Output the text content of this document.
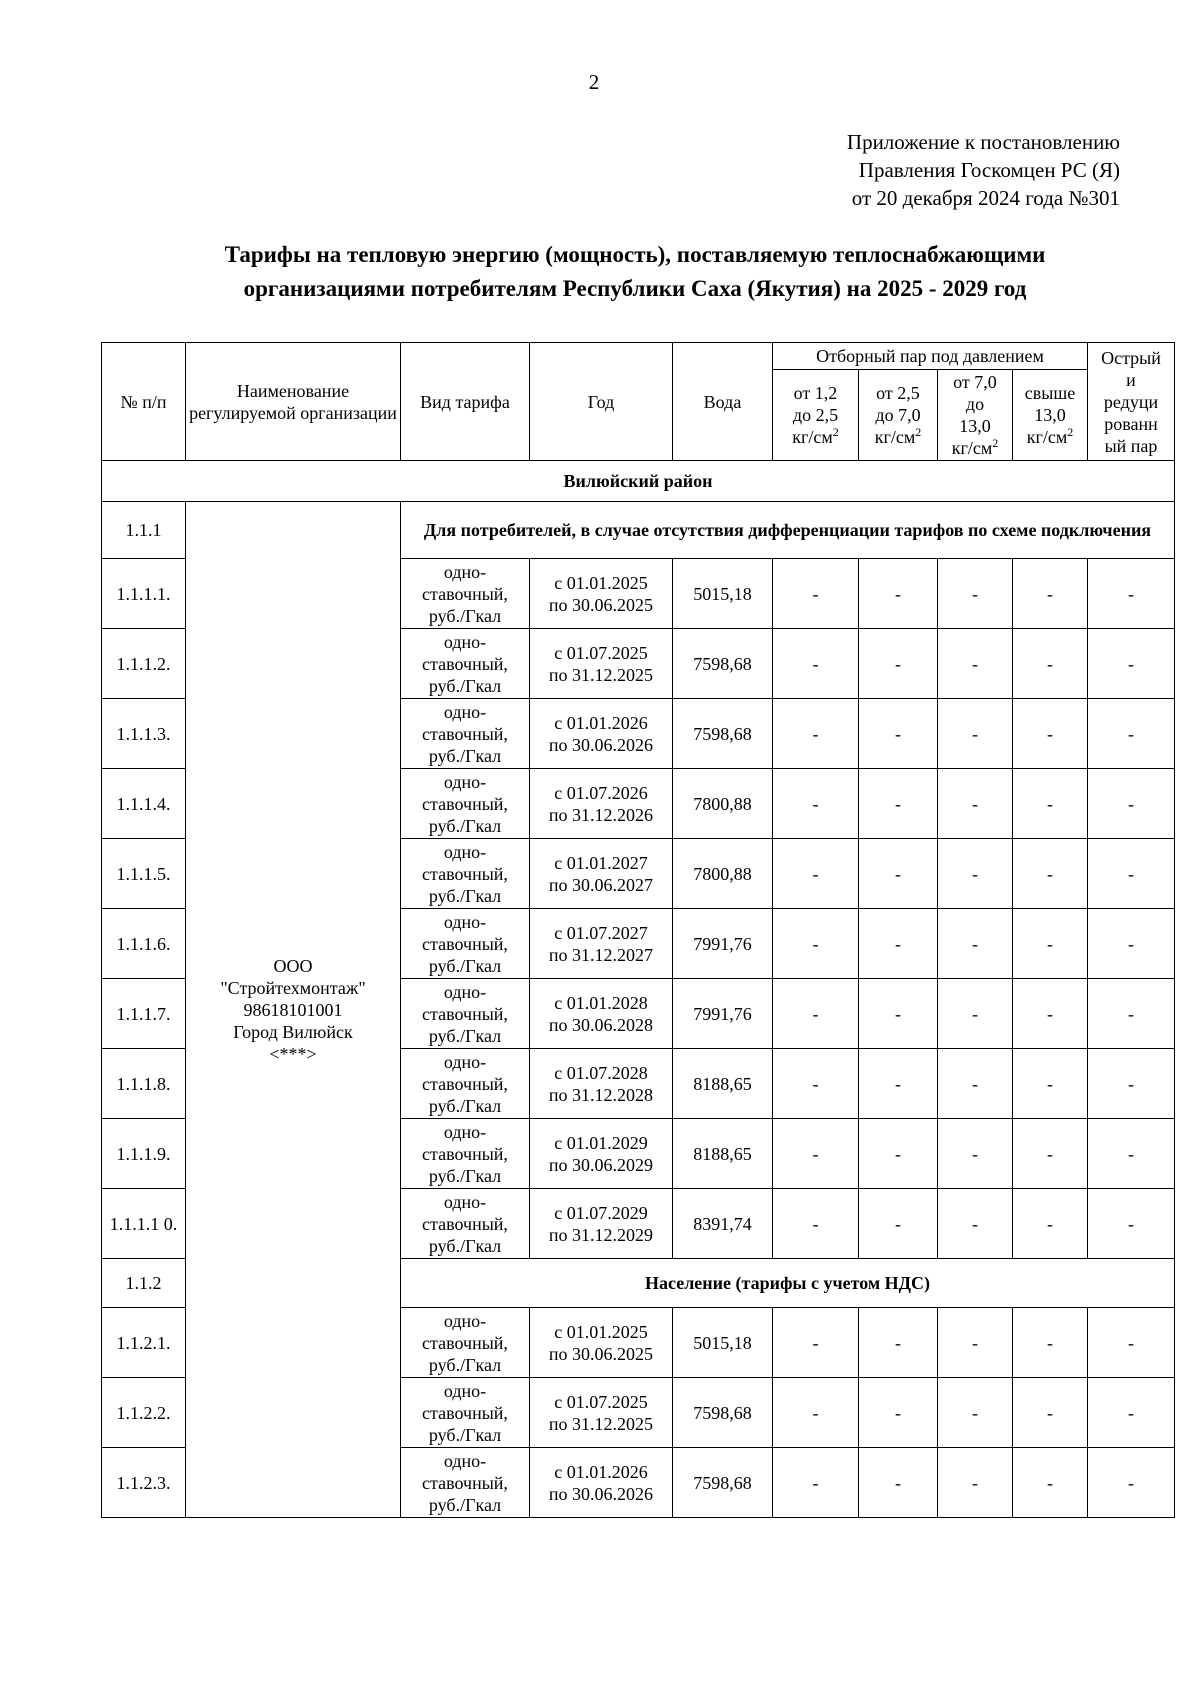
2
Приложение к постановлению
Правления Госкомцен РС (Я)
от 20 декабря 2024 года №301
Тарифы на тепловую энергию (мощность), поставляемую теплоснабжающими
организациями потребителям Республики Саха (Якутия) на 2025 - 2029 год
№ п/п	Наименование регулируемой организации	Вид тарифа	Год	Вода	Отборный пар под давлением				Острый
и
редуци
рованн
ый пар

					от 1,2
до 2,5
$кг/см^2$	от 2,5
до 7,0
$кг/см^2$	от 7,0
до
13,0
$кг/см^2$	свыше
13,0
$кг/см^2$

Вилюйский район									
1.1.1	ООО
"Стройтехмонтаж"
98618101001
Город Вилюйск
<***>	Для потребителей, в случае отсутствия дифференциации тарифов по схеме подключения							
1.1.1.1.		одно-
ставочный,
руб./Гкал	с 01.01.2025
по 30.06.2025	5015,18	-	-	-	-	-
1.1.1.2.		одно-
ставочный,
руб./Гкал	с 01.07.2025
по 31.12.2025	7598,68	-	-	-	-	-
1.1.1.3.		одно-
ставочный,
руб./Гкал	с 01.01.2026
по 30.06.2026	7598,68	-	-	-	-	-
1.1.1.4.		одно-
ставочный,
руб./Гкал	с 01.07.2026
по 31.12.2026	7800,88	-	-	-	-	-
1.1.1.5.		одно-
ставочный,
руб./Гкал	с 01.01.2027
по 30.06.2027	7800,88	-	-	-	-	-
1.1.1.6.		одно-
ставочный,
руб./Гкал	с 01.07.2027
по 31.12.2027	7991,76	-	-	-	-	-
1.1.1.7.		одно-
ставочный,
руб./Гкал	с 01.01.2028
по 30.06.2028	7991,76	-	-	-	-	-
1.1.1.8.		одно-
ставочный,
руб./Гкал	с 01.07.2028
по 31.12.2028	8188,65	-	-	-	-	-
1.1.1.9.		одно-
ставочный,
руб./Гкал	с 01.01.2029
по 30.06.2029	8188,65	-	-	-	-	-
1.1.1.1 0.		одно-
ставочный,
руб./Гкал	с 01.07.2029
по 31.12.2029	8391,74	-	-	-	-	-
1.1.2		Население (тарифы с учетом НДС)							
1.1.2.1.		одно-
ставочный,
руб./Гкал	с 01.01.2025
по 30.06.2025	5015,18	-	-	-	-	-
1.1.2.2.		одно-
ставочный,
руб./Гкал	с 01.07.2025
по 31.12.2025	7598,68	-	-	-	-	-
1.1.2.3.		одно-
ставочный,
руб./Гкал	с 01.01.2026
по 30.06.2026	7598,68	-	-	-	-	-
